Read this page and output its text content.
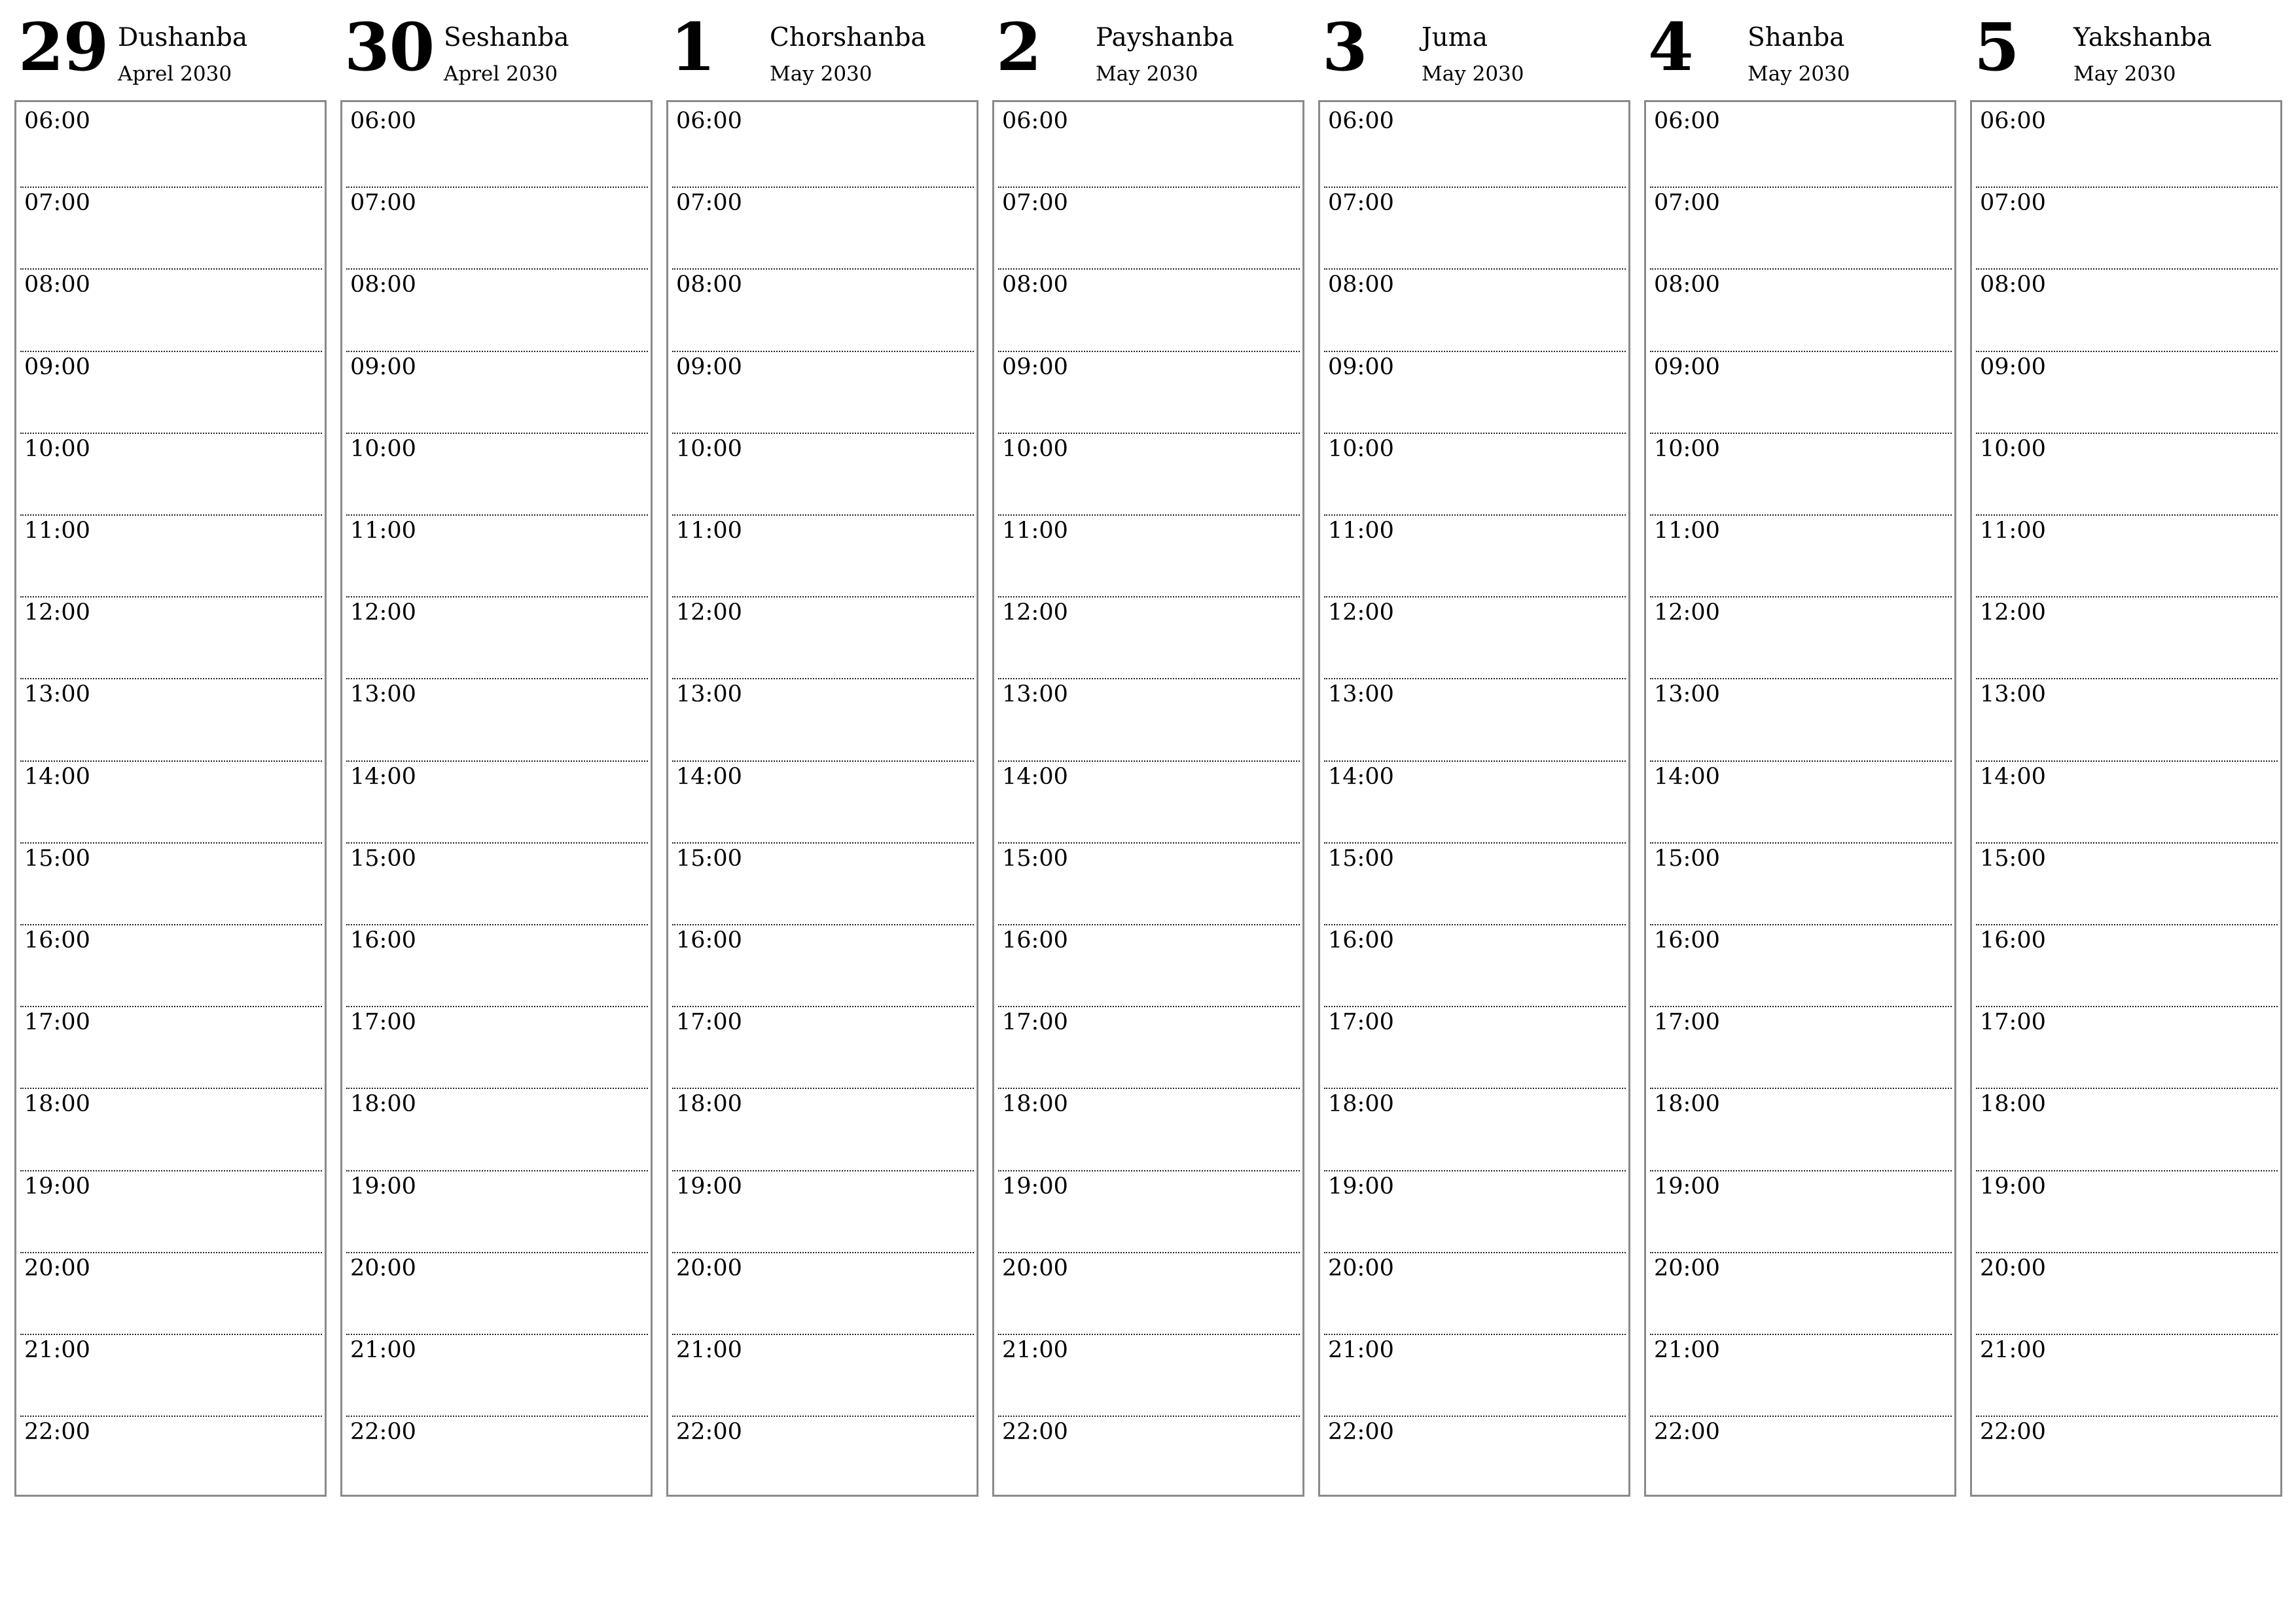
29 Dushanba
Aprel 2030
06:00
07:00
08:00
09:00
10:00
11:00
12:00
13:00
14:00
15:00
16:00
17:00
18:00
19:00
20:00
21:00
22:00
30 Seshanba
Aprel 2030
06:00
07:00
08:00
09:00
10:00
11:00
12:00
13:00
14:00
15:00
16:00
17:00
18:00
19:00
20:00
21:00
22:00
1 Chorshanba
May 2030
06:00
07:00
08:00
09:00
10:00
11:00
12:00
13:00
14:00
15:00
16:00
17:00
18:00
19:00
20:00
21:00
22:00
2 Payshanba
May 2030
06:00
07:00
08:00
09:00
10:00
11:00
12:00
13:00
14:00
15:00
16:00
17:00
18:00
19:00
20:00
21:00
22:00
3 Juma
May 2030
06:00
07:00
08:00
09:00
10:00
11:00
12:00
13:00
14:00
15:00
16:00
17:00
18:00
19:00
20:00
21:00
22:00
4 Shanba
May 2030
06:00
07:00
08:00
09:00
10:00
11:00
12:00
13:00
14:00
15:00
16:00
17:00
18:00
19:00
20:00
21:00
22:00
5 Yakshanba
May 2030
06:00
07:00
08:00
09:00
10:00
11:00
12:00
13:00
14:00
15:00
16:00
17:00
18:00
19:00
20:00
21:00
22:00
